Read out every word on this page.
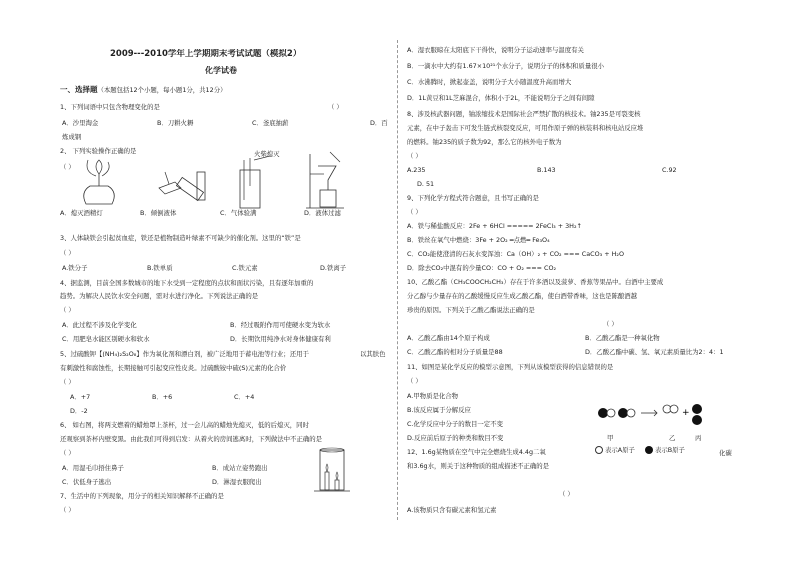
2009---2010学年上学期期末考试试题（模拟2）
化学试卷
一、选择题（本题包括12个小题，每小题1分，共12分）
1、下列词语中只包含物理变化的是	（ ）
A．沙里淘金	B．刀耕火耨	C．釜底抽薪	D．百
炼成钢
2、 下列实验操作正确的是
（ ）
火柴熄灭
A．熄灭酒精灯	B．倾倒液体	C．气体验满	D．液体过滤
3、人体缺铁会引起贫血症，铁还是植物制造叶绿素不可缺少的催化剂。这里的“铁”是
（ ）
A.铁分子	B.铁单质	C.铁元素	D.铁离子
4、据监测，目前全国多数城市的地下水受到一定程度的点状和面状污染，且有逐年加重的
趋势。为解决人民饮水安全问题，需对水进行净化。下列说法正确的是
（ ）
A．此过程不涉及化学变化	B．经过吸附作用可使硬水变为软水
C．用肥皂水能区别硬水和软水	D．长期饮用纯净水对身体健康有利
5、过硫酸钾【(NH₄)₂S₂O₈】作为氧化剂和漂白剂，被广泛地用于蓄电池等行业；还用于	以其肤色
有刺激性和腐蚀性，长期接触可引起变应性皮炎。过硫酸铵中硫(S)元素的化合价
（ ）
A．+7	B．+6	C．+4
D．-2
6、 如右图，将两支燃着的蜡烛罩上茶杯，过一会儿高的蜡烛先熄灭，低的后熄灭，同时
还观察到茶杯内壁变黑。由此我们可得到启发：从着火的房间逃离时，下列做法中不正确的是
（ ）
A．用湿毛巾捂住鼻子	B．成站立姿势跑出
C．伏低身子逃出	D．淋湿衣服爬出
7、生活中的下列现象，用分子的相关知识解释不正确的是
（ ）
A．湿衣服晾在太阳底下干得快，说明分子运动速率与温度有关
B．一滴水中大约有1.67×10²¹个水分子，说明分子的体积和质量很小
C．水沸腾时，掀起壶盖，说明分子大小随温度升高而增大
D．1L黄豆和1L芝麻混合，体积小于2L，不能说明分子之间有间隙
8、涉及核武器问题，铀浓缩技术是国际社会严禁扩散的核技术。铀235是可裂变核
元素，在中子轰击下可发生链式核裂变反应，可用作原子弹的核装料和核电站反应堆
的燃料。铀235的质子数为92，那么它的核外电子数为
（ ）
A.235	B.143	C.92
D. 51
9、下列化学方程式符合题意，且书写正确的是
（ ）
A．铁与稀盐酸反应：2Fe + 6HCl ===== 2FeCl₃ + 3H₂↑
B．铁丝在氧气中燃烧：3Fe + 2O₂ ═点燃═ Fe₃O₄
C．CO₂能使澄清的石灰水变浑浊：Ca（OH）₂ + CO₂ === CaCO₃ + H₂O
D．除去CO₂中混有的少量CO：CO + O₂ === CO₂
10、乙酸乙酯（CH₃COOCH₂CH₃）存在于许多酒以及菠萝、香蕉等果品中。白酒中主要成
分乙醇与少量存在的乙酸缓慢反应生成乙酸乙酯，使白酒带香味，这也是陈酿酒越
珍贵的原因。下列关于乙酸乙酯说法正确的是
（ ）
A．乙酸乙酯由14个原子构成	B．乙酸乙酯是一种氧化物
C．乙酸乙酯的相对分子质量是88	D．乙酸乙酯中碳、氢、氧元素质量比为2：4：1
11、如图是某化学反应的模型示意图，下列从该模型获得的信息错误的是
（ ）
A.甲物质是化合物
B.该反应属于分解反应
C.化学反应中分子的数目一定不变
D.反应前后原子的种类和数目不变
+
甲	乙	丙
表示A原子	表示B原子
12、1.6g某物质在空气中完全燃烧生成4.4g二氧	化碳
和3.6g水，则关于这种物质的组成描述不正确的是
（ ）
A.该物质只含有碳元素和氢元素
